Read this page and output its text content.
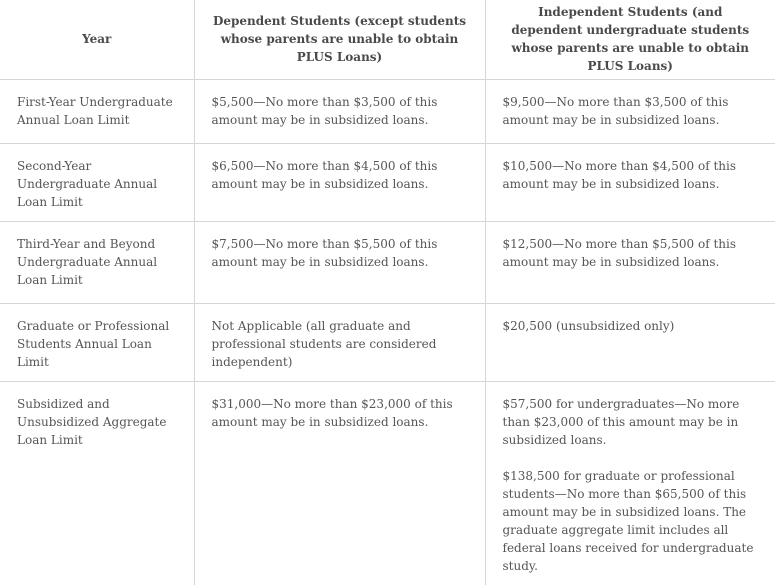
Year	Dependent Students (except students whose parents are unable to obtain PLUS Loans)	Independent Students (and dependent undergraduate students whose parents are unable to obtain PLUS Loans)
First-Year Undergraduate Annual Loan Limit	$5,500—No more than $3,500 of this amount may be in subsidized loans.	$9,500—No more than $3,500 of this amount may be in subsidized loans.

Second-Year Undergraduate Annual Loan Limit	$6,500—No more than $4,500 of this amount may be in subsidized loans.	$10,500—No more than $4,500 of this amount may be in subsidized loans.

Third-Year and Beyond Undergraduate Annual Loan Limit	$7,500—No more than $5,500 of this amount may be in subsidized loans.	$12,500—No more than $5,500 of this amount may be in subsidized loans.

Graduate or Professional Students Annual Loan Limit	Not Applicable (all graduate and professional students are considered independent)	$20,500 (unsubsidized only)

Subsidized and Unsubsidized Aggregate Loan Limit	$31,000—No more than $23,000 of this amount may be in subsidized loans.	$57,500 for undergraduates—No more than $23,000 of this amount may be in subsidized loans.
$138,500 for graduate or professional students—No more than $65,500 of this amount may be in subsidized loans. The graduate aggregate limit includes all federal loans received for undergraduate study.
